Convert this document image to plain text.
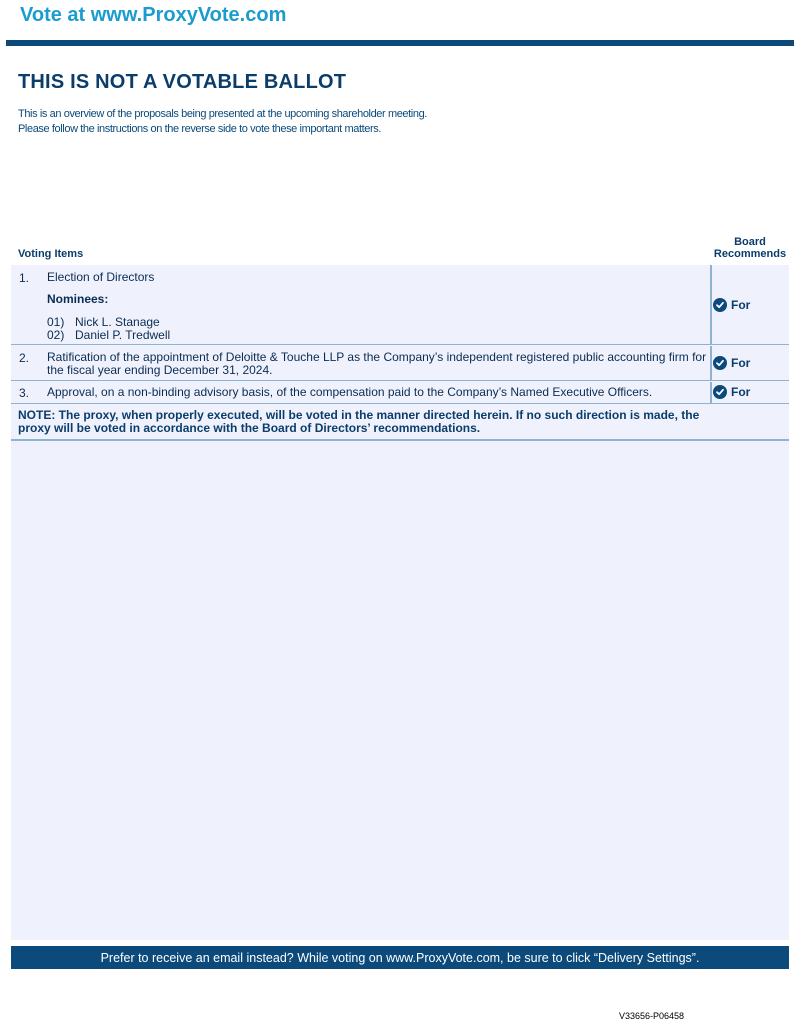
Vote at www.ProxyVote.com
THIS IS NOT A VOTABLE BALLOT
This is an overview of the proposals being presented at the upcoming shareholder meeting.
Please follow the instructions on the reverse side to vote these important matters.
Voting Items
Board
Recommends
1. Election of Directors
Nominees:
01) Nick L. Stanage
02) Daniel P. Tredwell
For
2. Ratification of the appointment of Deloitte & Touche LLP as the Company’s independent registered public accounting firm for the fiscal year ending December 31, 2024.	For
3. Approval, on a non-binding advisory basis, of the compensation paid to the Company’s Named Executive Officers.	For
NOTE: The proxy, when properly executed, will be voted in the manner directed herein. If no such direction is made, the proxy will be voted in accordance with the Board of Directors’ recommendations.
Prefer to receive an email instead? While voting on www.ProxyVote.com, be sure to click “Delivery Settings”.
V33656-P06458
